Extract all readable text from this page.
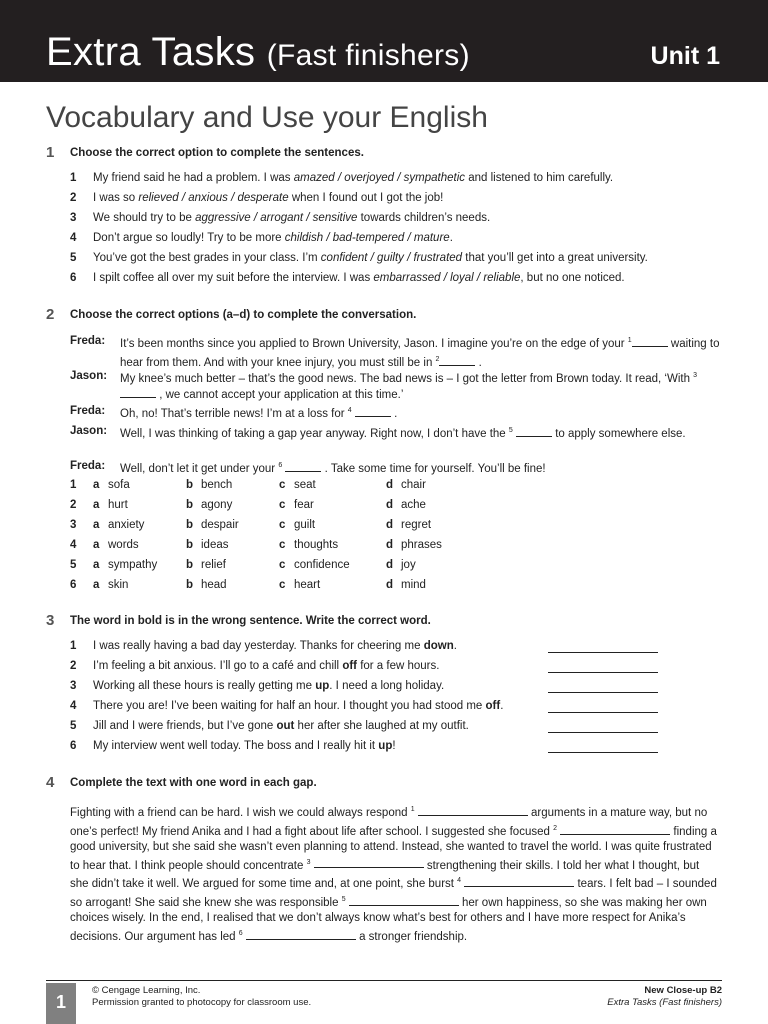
Extra Tasks (Fast finishers)	Unit 1
Vocabulary and Use your English
1 Choose the correct option to complete the sentences.
1 My friend said he had a problem. I was amazed / overjoyed / sympathetic and listened to him carefully.
2 I was so relieved / anxious / desperate when I found out I got the job!
3 We should try to be aggressive / arrogant / sensitive towards children’s needs.
4 Don’t argue so loudly! Try to be more childish / bad-tempered / mature.
5 You’ve got the best grades in your class. I’m confident / guilty / frustrated that you’ll get into a great university.
6 I spilt coffee all over my suit before the interview. I was embarrassed / loyal / reliable, but no one noticed.
2 Choose the correct options (a–d) to complete the conversation.
Freda: It’s been months since you applied to Brown University, Jason. I imagine you’re on the edge of your $^1$	waiting to hear from them. And with your knee injury, you must still be in $^2$	.
Jason: My knee’s much better – that’s the good news. The bad news is – I got the letter from Brown today. It read, ‘With $^3$  , we cannot accept your application at this time.’
Freda: Oh, no! That’s terrible news! I’m at a loss for $^4$	.
Jason: Well, I was thinking of taking a gap year anyway. Right now, I don’t have the $^5$	to apply somewhere else.
Freda: Well, don’t let it get under your $^6$	. Take some time for yourself. You’ll be fine!
1 a sofa	b bench	c seat	d chair
2 a hurt	b agony	c fear	d ache
3 a anxiety	b despair	c guilt	d regret
4 a words	b ideas	c thoughts	d phrases
5 a sympathy	b relief	c confidence	d joy
6 a skin	b head	c heart	d mind
3 The word in bold is in the wrong sentence. Write the correct word.
1 I was really having a bad day yesterday. Thanks for cheering me down.
2 I’m feeling a bit anxious. I’ll go to a café and chill off for a few hours.
3 Working all these hours is really getting me up. I need a long holiday.
4 There you are! I’ve been waiting for half an hour. I thought you had stood me off.
5 Jill and I were friends, but I’ve gone out her after she laughed at my outfit.
6 My interview went well today. The boss and I really hit it up!
4 Complete the text with one word in each gap.
Fighting with a friend can be hard. I wish we could always respond $^1$	arguments in a mature way, but no one’s perfect! My friend Anika and I had a fight about life after school. I suggested she focused $^2$	finding a good university, but she said she wasn’t even planning to attend. Instead, she wanted to travel the world. I was quite frustrated to hear that. I think people should concentrate $^3$	strengthening their skills. I told her what I thought, but she didn’t take it well. We argued for some time and, at one point, she burst $^4$	tears. I felt bad – I sounded so arrogant! She said she knew she was responsible $^5$	her own happiness, so she was making her own choices wisely. In the end, I realised that we don’t always know what’s best for others and I have more respect for Anika’s decisions. Our argument has led $^6$	a stronger friendship.
1
© Cengage Learning, Inc.
Permission granted to photocopy for classroom use.
New Close-up B2
Extra Tasks (Fast finishers)
